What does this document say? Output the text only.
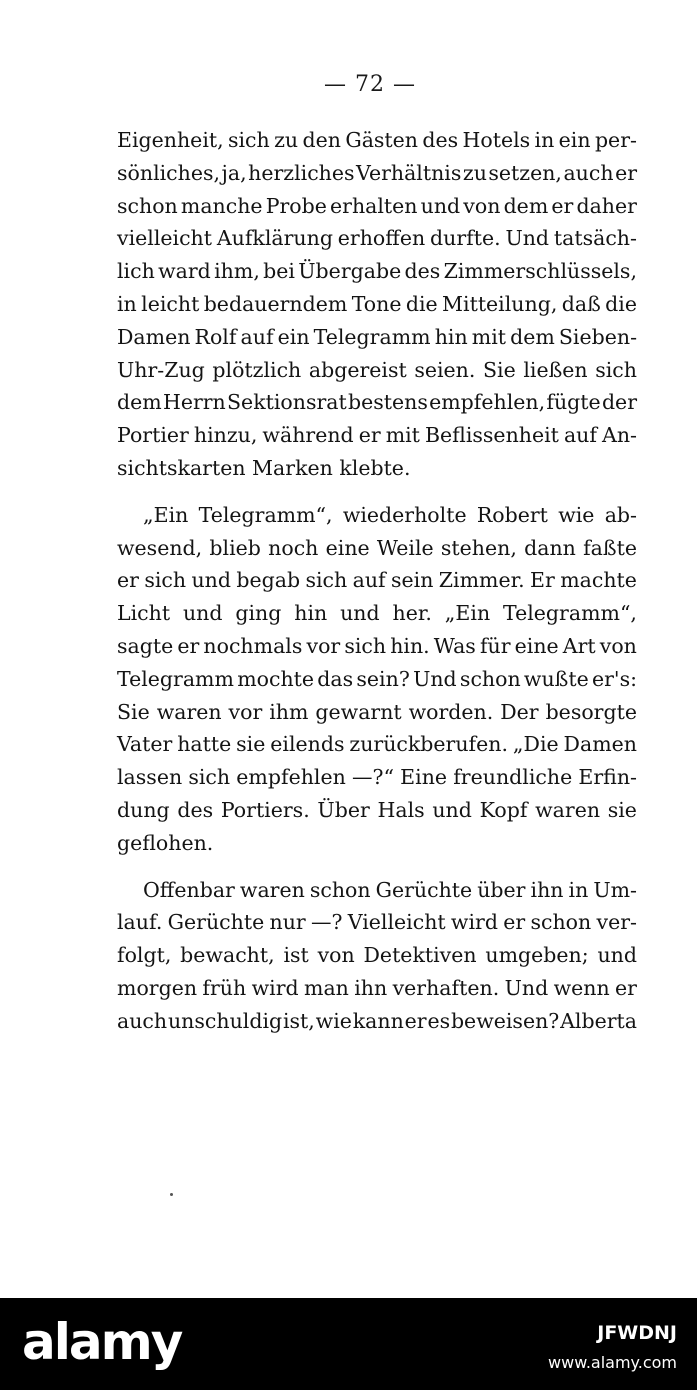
— 72 —
Eigenheit, sich zu den Gästen des Hotels in ein per-
sönliches, ja, herzliches Verhältnis zu setzen, auch er
schon manche Probe erhalten und von dem er daher
vielleicht Aufklärung erhoffen durfte. Und tatsäch-
lich ward ihm, bei Übergabe des Zimmerschlüssels,
in leicht bedauerndem Tone die Mitteilung, daß die
Damen Rolf auf ein Telegramm hin mit dem Sieben-
Uhr-Zug plötzlich abgereist seien. Sie ließen sich
dem Herrn Sektionsrat bestens empfehlen, fügte der
Portier hinzu, während er mit Beflissenheit auf An-
sichtskarten Marken klebte.
„Ein Telegramm“, wiederholte Robert wie ab-
wesend, blieb noch eine Weile stehen, dann faßte
er sich und begab sich auf sein Zimmer. Er machte
Licht und ging hin und her. „Ein Telegramm“,
sagte er nochmals vor sich hin. Was für eine Art von
Telegramm mochte das sein? Und schon wußte er's:
Sie waren vor ihm gewarnt worden. Der besorgte
Vater hatte sie eilends zurückberufen. „Die Damen
lassen sich empfehlen —?“ Eine freundliche Erfin-
dung des Portiers. Über Hals und Kopf waren sie
geflohen.
Offenbar waren schon Gerüchte über ihn in Um-
lauf. Gerüchte nur —? Vielleicht wird er schon ver-
folgt, bewacht, ist von Detektiven umgeben; und
morgen früh wird man ihn verhaften. Und wenn er
auch unschuldig ist, wie kann er es beweisen? Alberta
alamy	JFWDNJ
www.alamy.com
